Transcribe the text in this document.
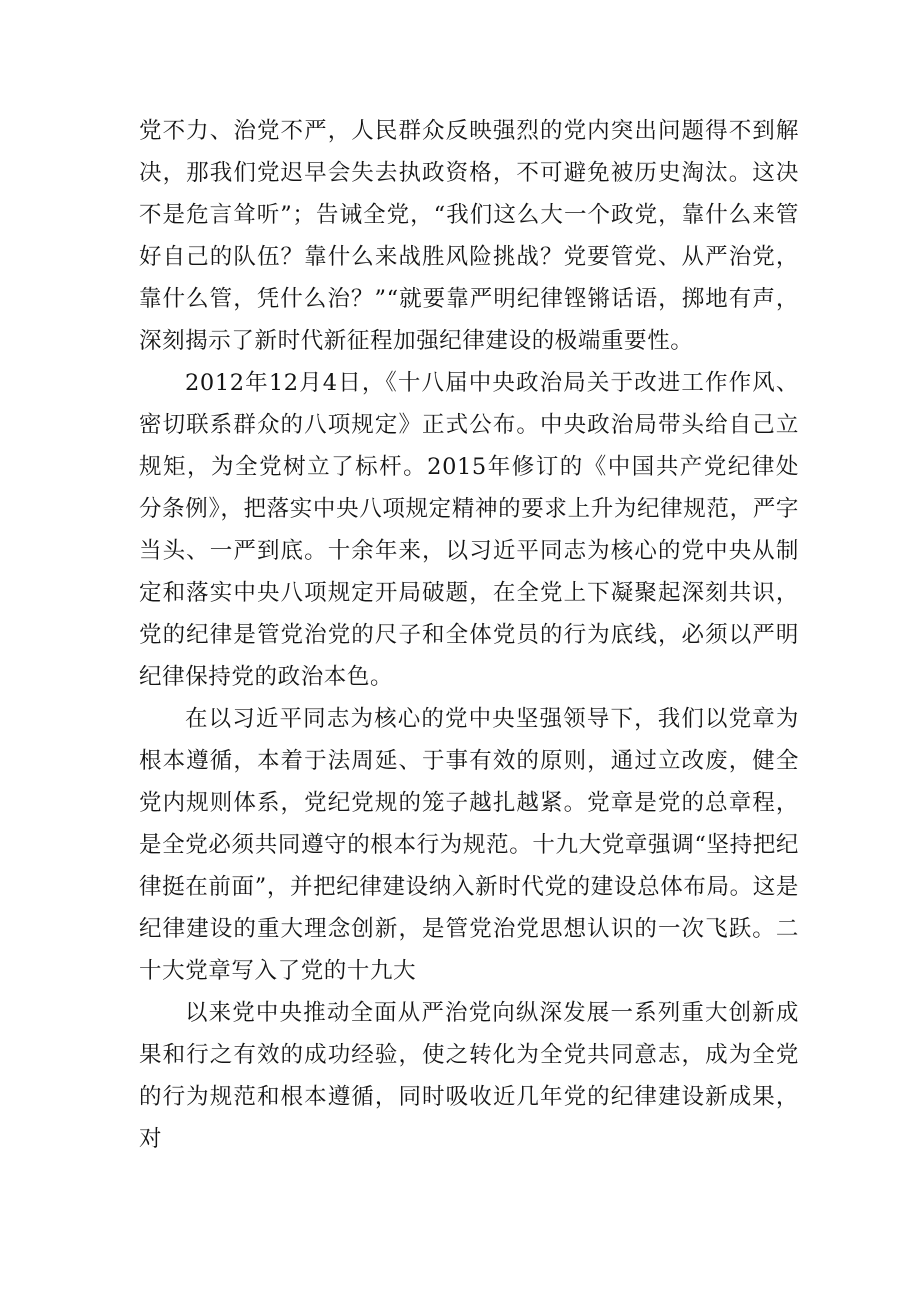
党不力、治党不严，人民群众反映强烈的党内突出问题得不到解决，那我们党迟早会失去执政资格，不可避免被历史淘汰。这决不是危言耸听”；告诫全党，“我们这么大一个政党，靠什么来管好自己的队伍？靠什么来战胜风险挑战？党要管党、从严治党，靠什么管，凭什么治？”“就要靠严明纪律铿锵话语，掷地有声，深刻揭示了新时代新征程加强纪律建设的极端重要性。

2012年12月4日，《十八届中央政治局关于改进工作作风、密切联系群众的八项规定》正式公布。中央政治局带头给自己立规矩，为全党树立了标杆。2015年修订的《中国共产党纪律处分条例》，把落实中央八项规定精神的要求上升为纪律规范，严字当头、一严到底。十余年来，以习近平同志为核心的党中央从制定和落实中央八项规定开局破题，在全党上下凝聚起深刻共识，党的纪律是管党治党的尺子和全体党员的行为底线，必须以严明纪律保持党的政治本色。

在以习近平同志为核心的党中央坚强领导下，我们以党章为根本遵循，本着于法周延、于事有效的原则，通过立改废，健全党内规则体系，党纪党规的笼子越扎越紧。党章是党的总章程，是全党必须共同遵守的根本行为规范。十九大党章强调“坚持把纪律挺在前面”，并把纪律建设纳入新时代党的建设总体布局。这是纪律建设的重大理念创新，是管党治党思想认识的一次飞跃。二十大党章写入了党的十九大

以来党中央推动全面从严治党向纵深发展一系列重大创新成果和行之有效的成功经验，使之转化为全党共同意志，成为全党的行为规范和根本遵循，同时吸收近几年党的纪律建设新成果，对
